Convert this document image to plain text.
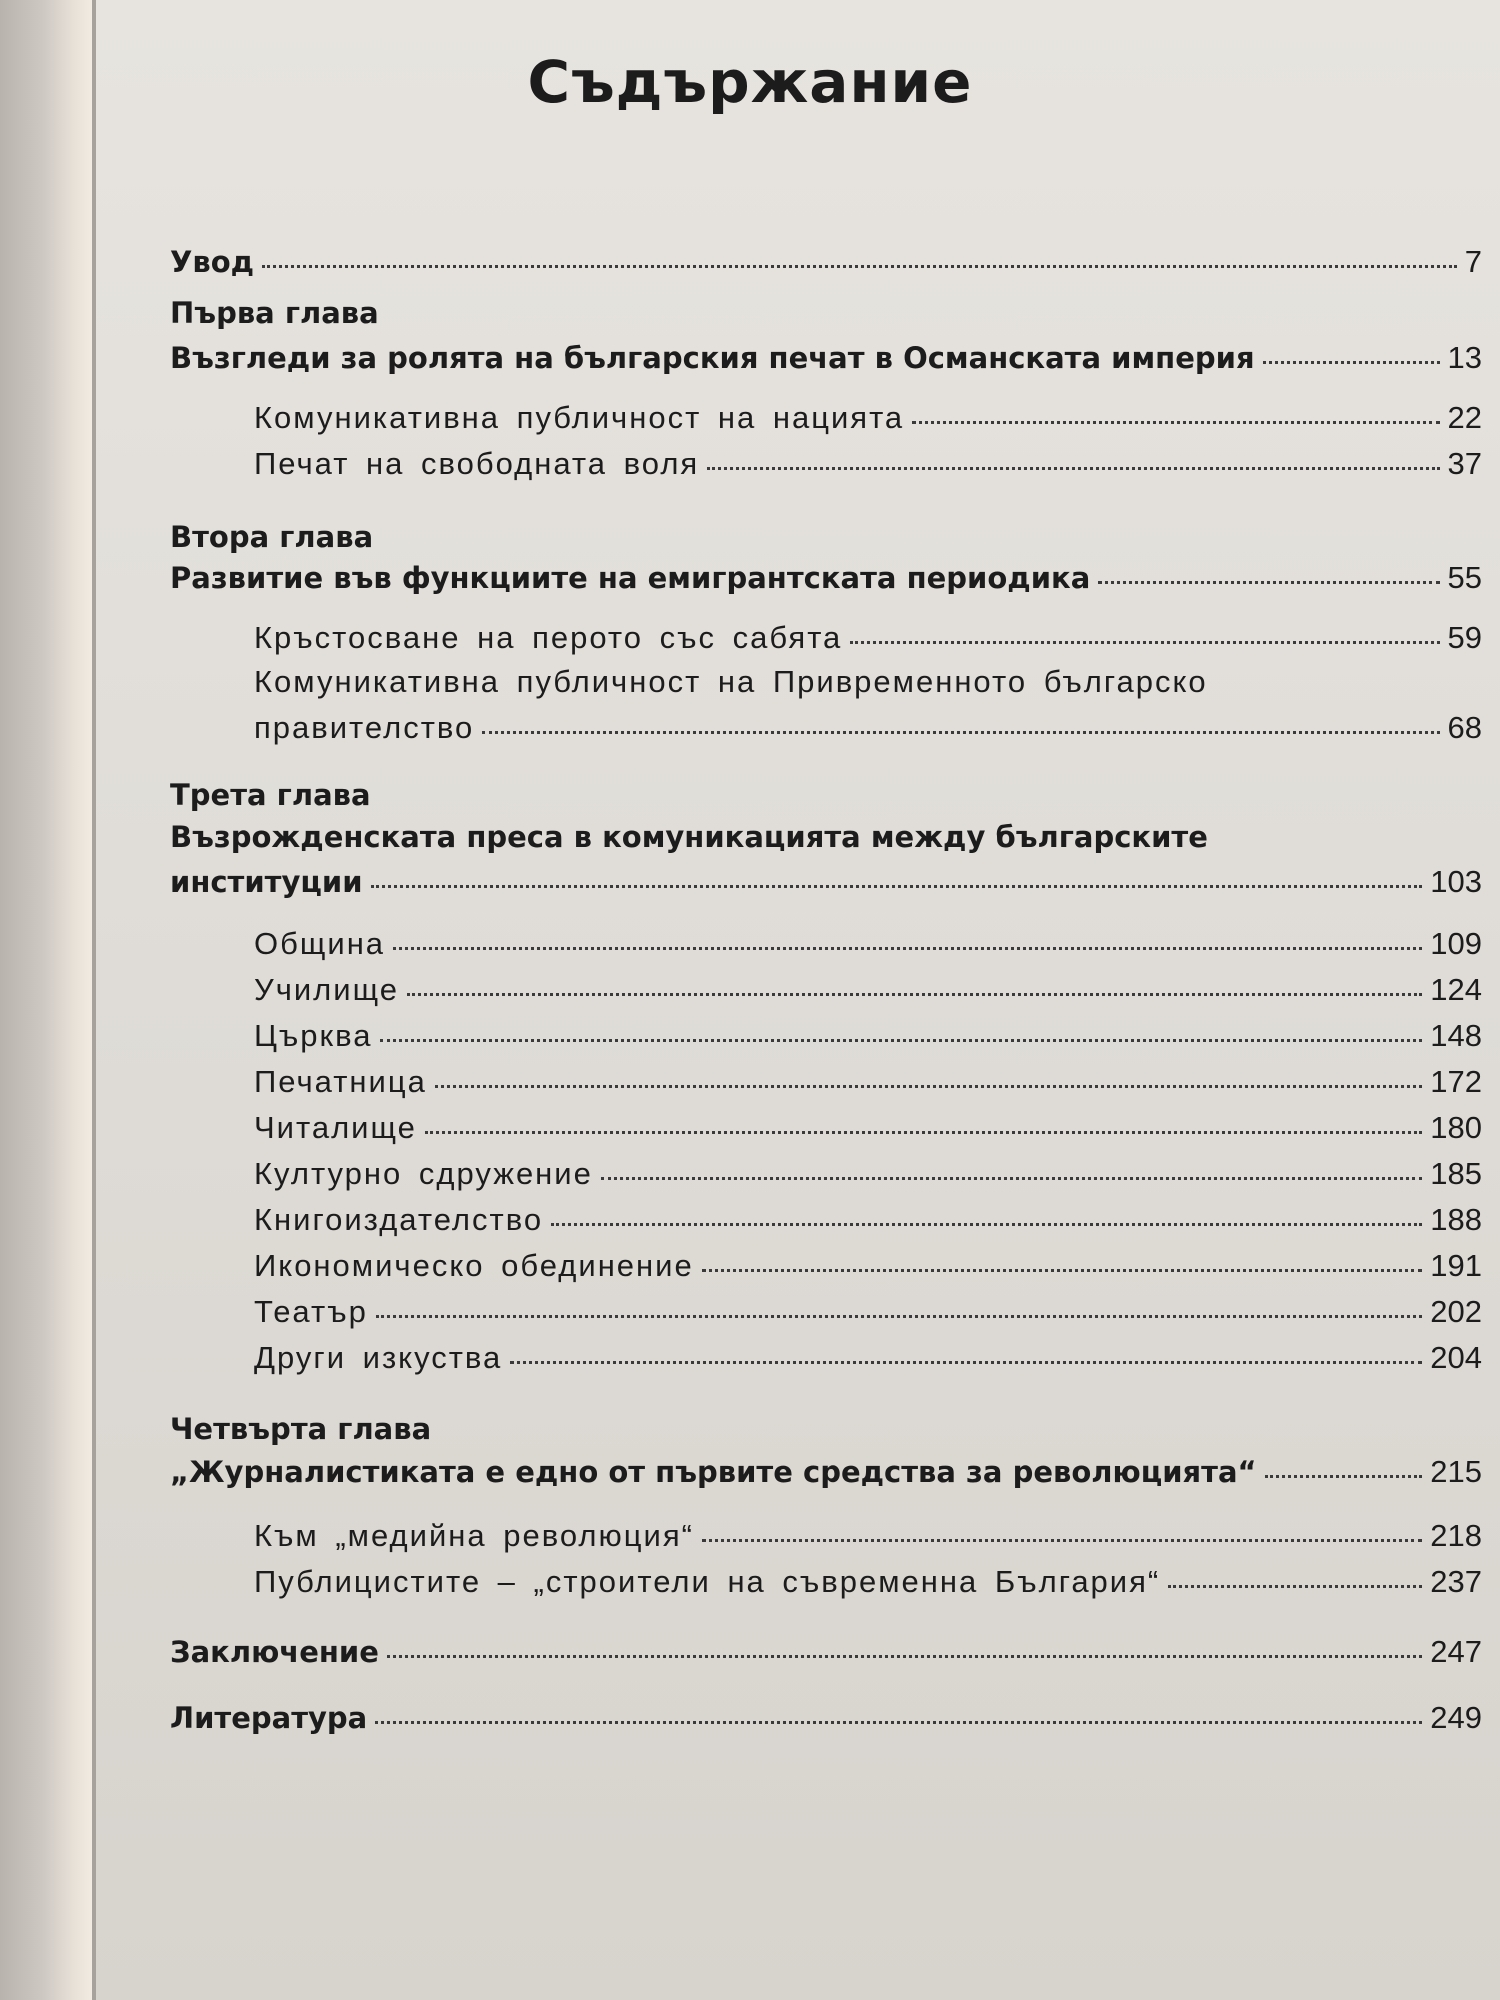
Съдържание
Увод	7
Първа глава
Възгледи за ролята на българския печат в Османската империя	13
Комуникативна публичност на нацията	22
Печат на свободната воля	37
Втора глава
Развитие във функциите на емигрантската периодика	55
Кръстосване на перото със сабята	59
Комуникативна публичност на Привременното българско
правителство	68
Трета глава
Възрожденската преса в комуникацията между българските
институции	103
Община	109
Училище	124
Църква	148
Печатница	172
Читалище	180
Културно сдружение	185
Книгоиздателство	188
Икономическо обединение	191
Театър	202
Други изкуства	204
Четвърта глава
„Журналистиката е едно от първите средства за революцията“	215
Към „медийна революция“	218
Публицистите – „строители на съвременна България“	237
Заключение	247
Литература	249
